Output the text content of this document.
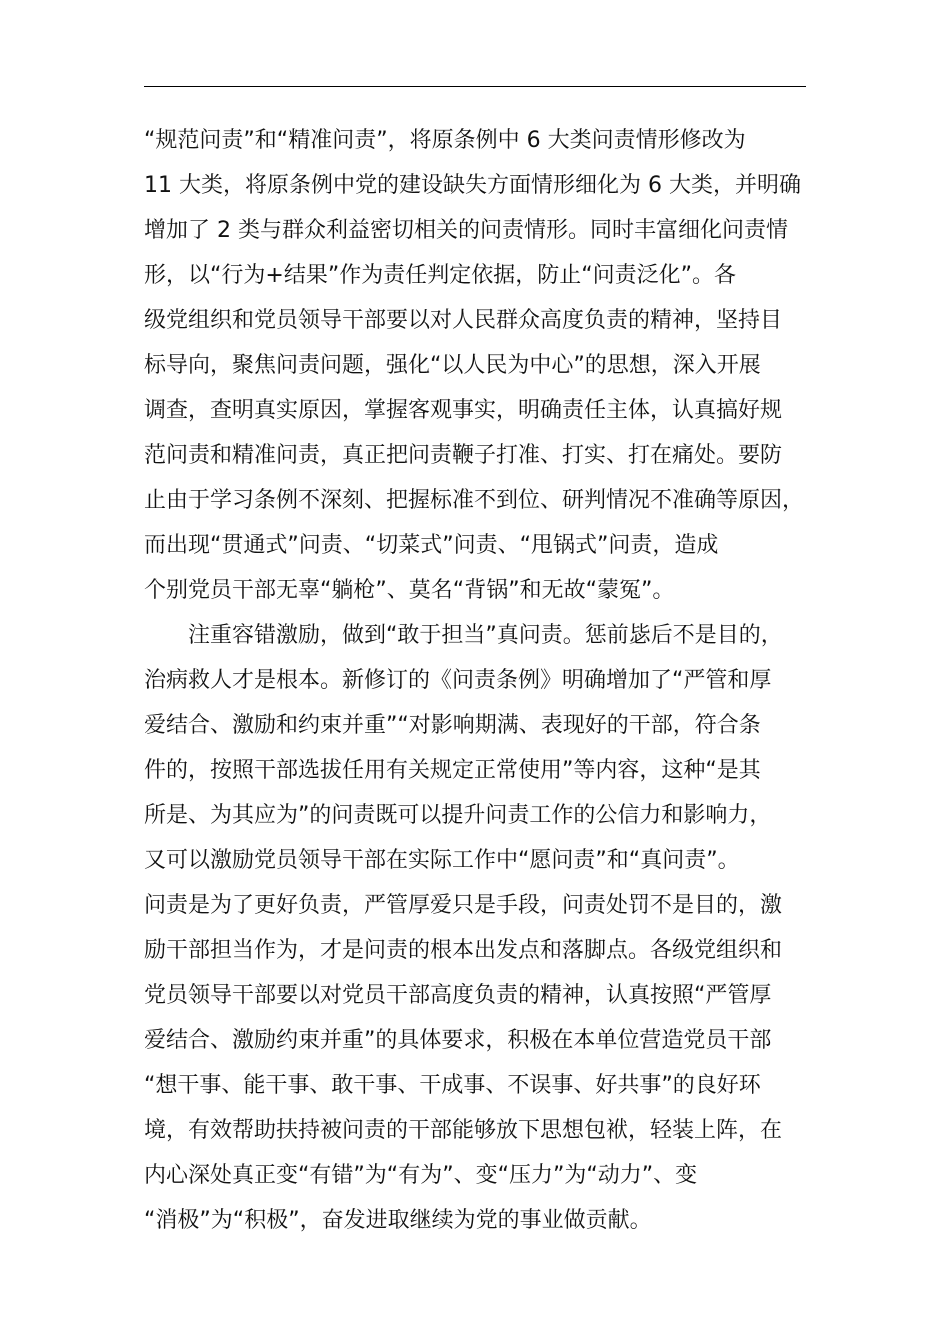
“规范问责”和“精准问责”，将原条例中 6 大类问责情形修改为
11 大类，将原条例中党的建设缺失方面情形细化为 6 大类，并明确
增加了 2 类与群众利益密切相关的问责情形。同时丰富细化问责情
形，以“行为+结果”作为责任判定依据，防止“问责泛化”。各
级党组织和党员领导干部要以对人民群众高度负责的精神，坚持目
标导向，聚焦问责问题，强化“以人民为中心”的思想，深入开展
调查，查明真实原因，掌握客观事实，明确责任主体，认真搞好规
范问责和精准问责，真正把问责鞭子打准、打实、打在痛处。要防
止由于学习条例不深刻、把握标准不到位、研判情况不准确等原因，
而出现“贯通式”问责、“切菜式”问责、“甩锅式”问责，造成
个别党员干部无辜“躺枪”、莫名“背锅”和无故“蒙冤”。
注重容错激励，做到“敢于担当”真问责。惩前毖后不是目的，
治病救人才是根本。新修订的《问责条例》明确增加了“严管和厚
爱结合、激励和约束并重”“对影响期满、表现好的干部，符合条
件的，按照干部选拔任用有关规定正常使用”等内容，这种“是其
所是、为其应为”的问责既可以提升问责工作的公信力和影响力，
又可以激励党员领导干部在实际工作中“愿问责”和“真问责”。
问责是为了更好负责，严管厚爱只是手段，问责处罚不是目的，激
励干部担当作为，才是问责的根本出发点和落脚点。各级党组织和
党员领导干部要以对党员干部高度负责的精神，认真按照“严管厚
爱结合、激励约束并重”的具体要求，积极在本单位营造党员干部
“想干事、能干事、敢干事、干成事、不误事、好共事”的良好环
境，有效帮助扶持被问责的干部能够放下思想包袱，轻装上阵，在
内心深处真正变“有错”为“有为”、变“压力”为“动力”、变
“消极”为“积极”，奋发进取继续为党的事业做贡献。
